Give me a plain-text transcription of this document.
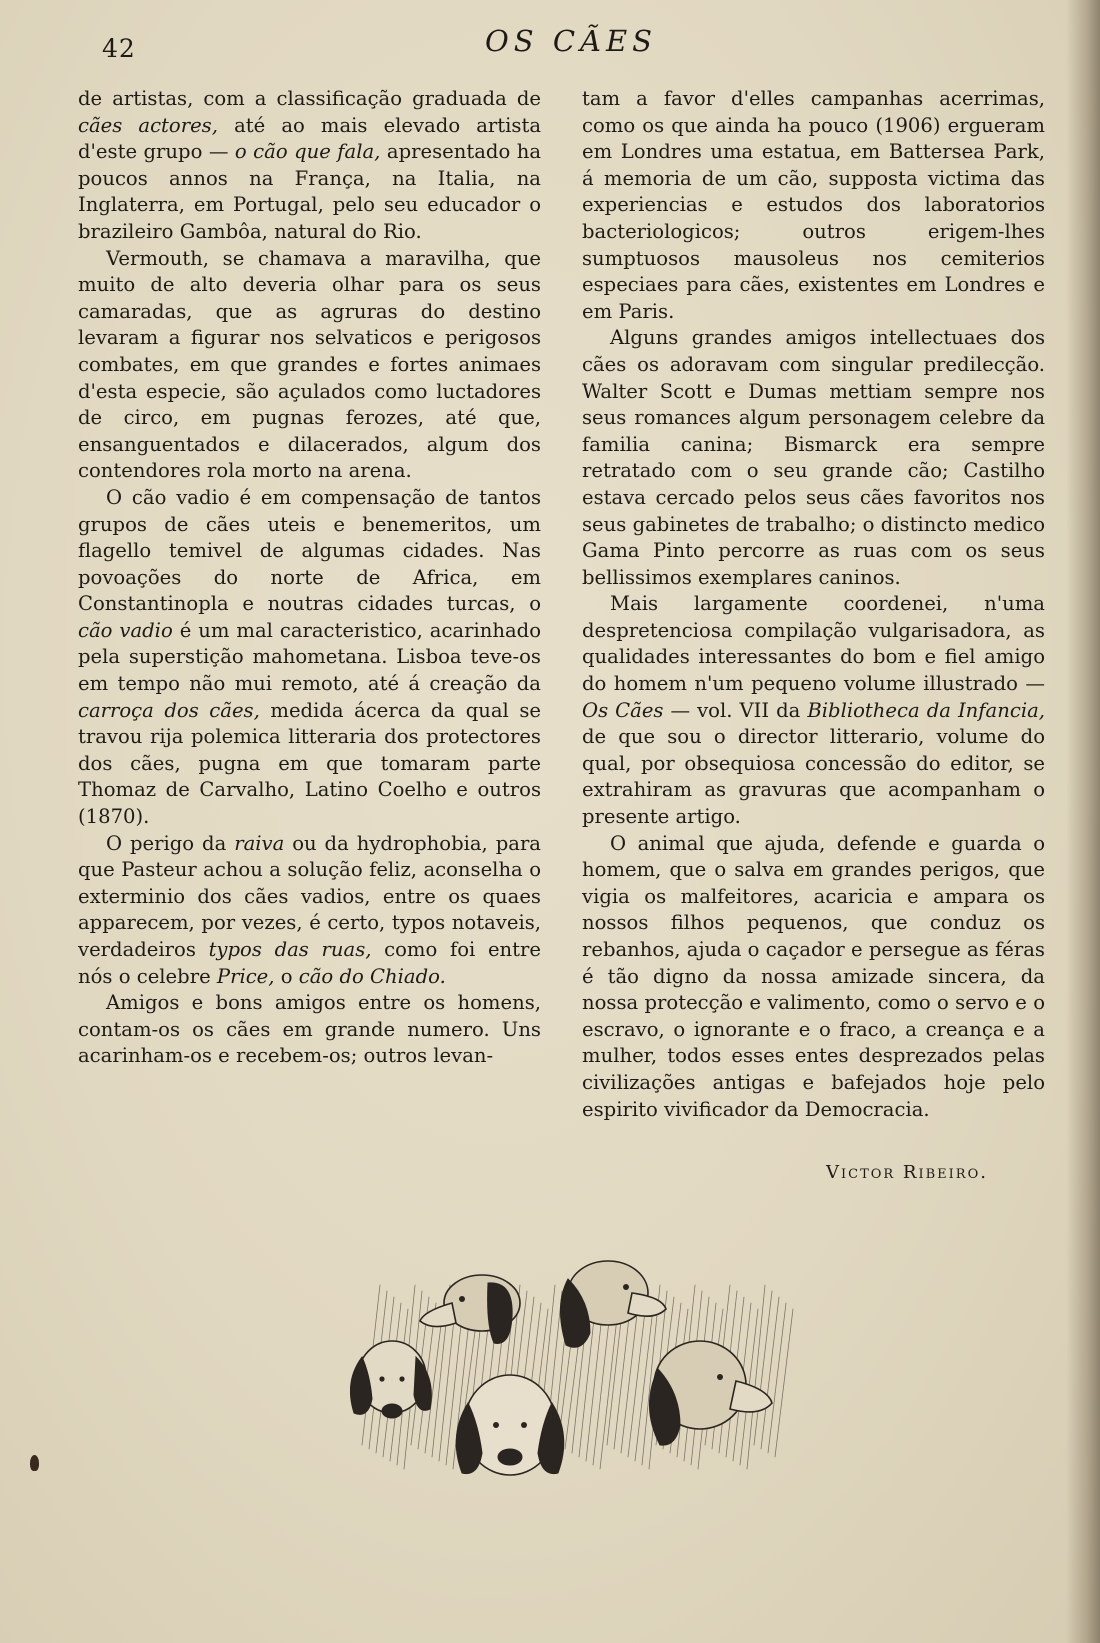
42	OS CÃES

de artistas, com a classificação graduada de cães actores, até ao mais elevado artista d'este grupo — o cão que fala, apresentado ha poucos annos na França, na Italia, na Inglaterra, em Portugal, pelo seu educador o brazileiro Gambôa, natural do Rio.

Vermouth, se chamava a maravilha, que muito de alto deveria olhar para os seus camaradas, que as agruras do destino levaram a figurar nos selvaticos e perigosos combates, em que grandes e fortes animaes d'esta especie, são açulados como luctadores de circo, em pugnas ferozes, até que, ensanguentados e dilacerados, algum dos contendores rola morto na arena.

O cão vadio é em compensação de tantos grupos de cães uteis e benemeritos, um flagello temivel de algumas cidades. Nas povoações do norte de Africa, em Constantinopla e noutras cidades turcas, o cão vadio é um mal caracteristico, acarinhado pela superstição mahometana. Lisboa teve-os em tempo não mui remoto, até á creação da carroça dos cães, medida ácerca da qual se travou rija polemica litteraria dos protectores dos cães, pugna em que tomaram parte Thomaz de Carvalho, Latino Coelho e outros (1870).

O perigo da raiva ou da hydrophobia, para que Pasteur achou a solução feliz, aconselha o exterminio dos cães vadios, entre os quaes apparecem, por vezes, é certo, typos notaveis, verdadeiros typos das ruas, como foi entre nós o celebre Price, o cão do Chiado.

Amigos e bons amigos entre os homens, contam-os os cães em grande numero. Uns acarinham-os e recebem-os; outros levan-

tam a favor d'elles campanhas acerrimas, como os que ainda ha pouco (1906) ergueram em Londres uma estatua, em Battersea Park, á memoria de um cão, supposta victima das experiencias e estudos dos laboratorios bacteriologicos; outros erigem-lhes sumptuosos mausoleus nos cemiterios especiaes para cães, existentes em Londres e em Paris.

Alguns grandes amigos intellectuaes dos cães os adoravam com singular predilecção. Walter Scott e Dumas mettiam sempre nos seus romances algum personagem celebre da familia canina; Bismarck era sempre retratado com o seu grande cão; Castilho estava cercado pelos seus cães favoritos nos seus gabinetes de trabalho; o distincto medico Gama Pinto percorre as ruas com os seus bellissimos exemplares caninos.

Mais largamente coordenei, n'uma despretenciosa compilação vulgarisadora, as qualidades interessantes do bom e fiel amigo do homem n'um pequeno volume illustrado — Os Cães — vol. VII da Bibliotheca da Infancia, de que sou o director litterario, volume do qual, por obsequiosa concessão do editor, se extrahiram as gravuras que acompanham o presente artigo.

O animal que ajuda, defende e guarda o homem, que o salva em grandes perigos, que vigia os malfeitores, acaricia e ampara os nossos filhos pequenos, que conduz os rebanhos, ajuda o caçador e persegue as féras é tão digno da nossa amizade sincera, da nossa protecção e valimento, como o servo e o escravo, o ignorante e o fraco, a creança e a mulher, todos esses entes desprezados pelas civilizações antigas e bafejados hoje pelo espirito vivificador da Democracia.

Victor Ribeiro.
